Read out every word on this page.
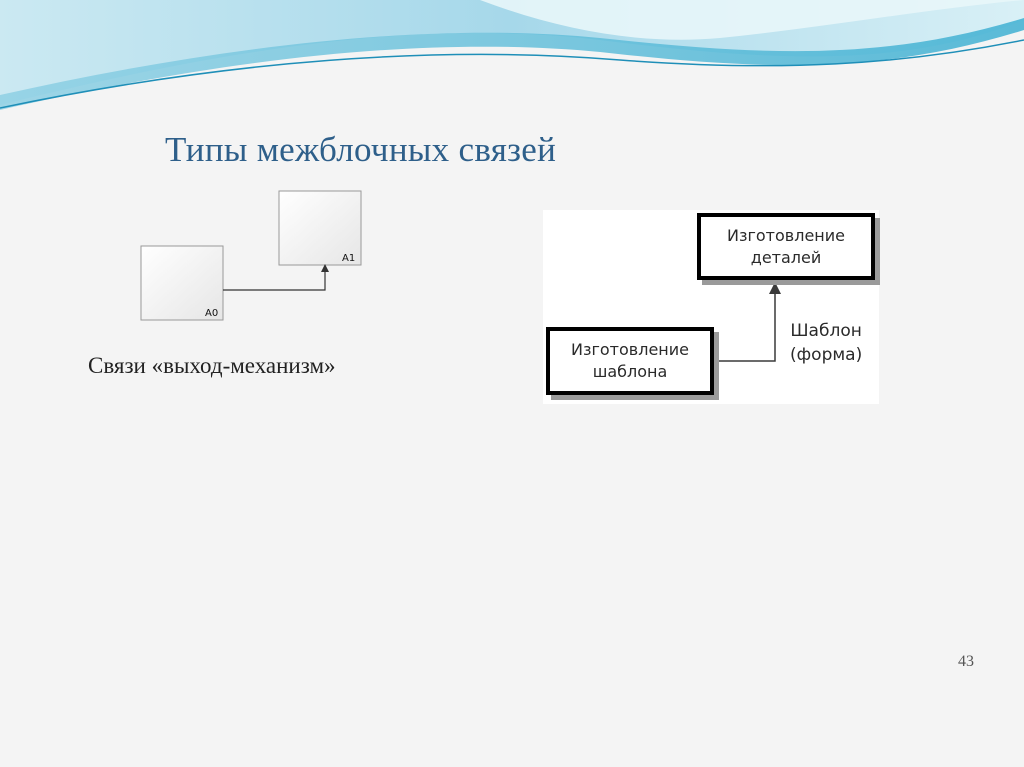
Типы межблочных связей
A0
A1
Связи «выход-механизм»
Изготовление
деталей
Изготовление
шаблона
Шаблон
(форма)
43
